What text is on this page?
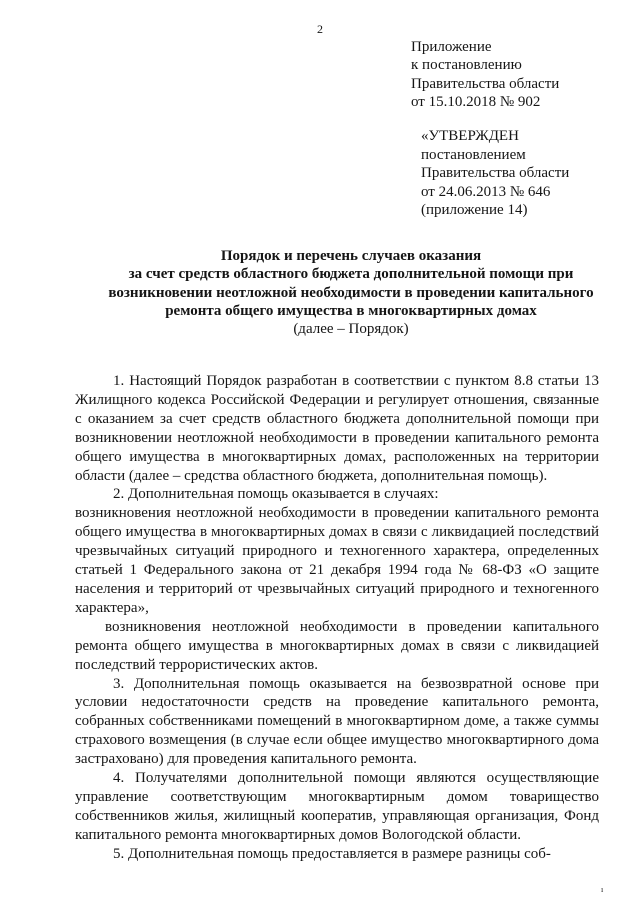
2
Приложение
к постановлению
Правительства области
от 15.10.2018 № 902
«УТВЕРЖДЕН
постановлением
Правительства области
от 24.06.2013 № 646
(приложение 14)
Порядок и перечень случаев оказания
за счет средств областного бюджета дополнительной помощи при
возникновении неотложной необходимости в проведении капитального
ремонта общего имущества в многоквартирных домах
(далее – Порядок)

1. Настоящий Порядок разработан в соответствии с пунктом 8.8 статьи 13 Жилищного кодекса Российской Федерации и регулирует отношения, связанные с оказанием за счет средств областного бюджета дополнительной помощи при возникновении неотложной необходимости в проведении капитального ремонта общего имущества в многоквартирных домах, расположенных на территории области (далее – средства областного бюджета, дополнительная помощь).

2. Дополнительная помощь оказывается в случаях:

возникновения неотложной необходимости в проведении капитального ремонта общего имущества в многоквартирных домах в связи с ликвидацией последствий чрезвычайных ситуаций природного и техногенного характера, определенных статьей 1 Федерального закона от 21 декабря 1994 года № 68-ФЗ «О защите населения и территорий от чрезвычайных ситуаций природного и техногенного характера»,

возникновения неотложной необходимости в проведении капитального ремонта общего имущества в многоквартирных домах в связи с ликвидацией последствий террористических актов.

3. Дополнительная помощь оказывается на безвозвратной основе при условии недостаточности средств на проведение капитального ремонта, собранных собственниками помещений в многоквартирном доме, а также суммы страхового возмещения (в случае если общее имущество многоквартирного дома застраховано) для проведения капитального ремонта.

4. Получателями дополнительной помощи являются осуществляющие управление соответствующим многоквартирным домом товарищество собственников жилья, жилищный кооператив, управляющая организация, Фонд капитального ремонта многоквартирных домов Вологодской области.

5. Дополнительная помощь предоставляется в размере разницы соб-

ı
